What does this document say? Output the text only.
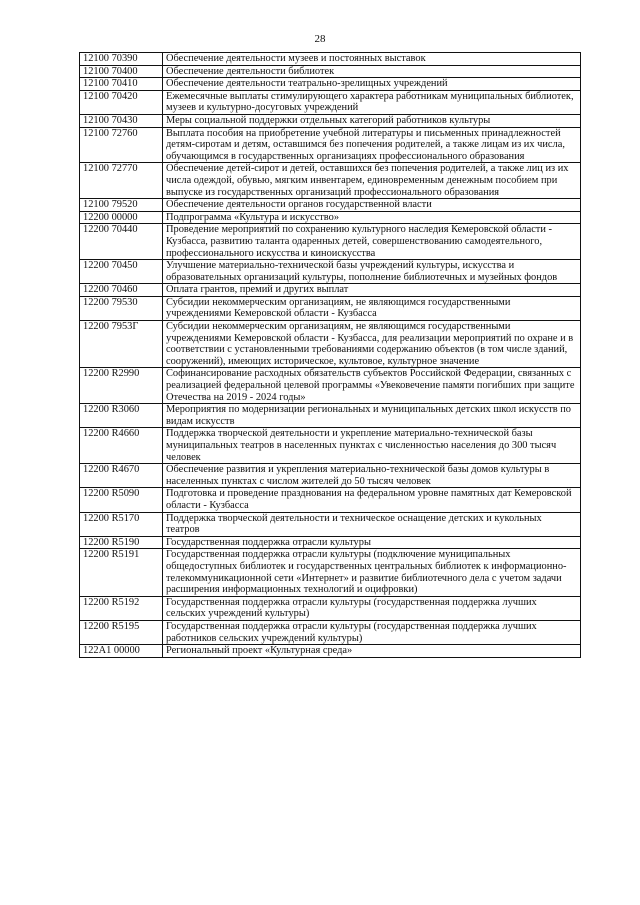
28
12100 70390	Обеспечение деятельности музеев и постоянных выставок
12100 70400	Обеспечение деятельности библиотек
12100 70410	Обеспечение деятельности театрально-зрелищных учреждений
12100 70420	Ежемесячные выплаты стимулирующего характера работникам муниципальных библиотек, музеев и культурно-досуговых учреждений
12100 70430	Меры социальной поддержки отдельных категорий работников культуры
12100 72760	Выплата пособия на приобретение учебной литературы и письменных принадлежностей детям-сиротам и детям, оставшимся без попечения родителей, а также лицам из их числа, обучающимся в государственных организациях профессионального образования
12100 72770	Обеспечение детей-сирот и детей, оставшихся без попечения родителей, а также лиц из их числа одеждой, обувью, мягким инвентарем, единовременным денежным пособием при выпуске из государственных организаций профессионального образования
12100 79520	Обеспечение деятельности органов государственной власти
12200 00000	Подпрограмма «Культура и искусство»
12200 70440	Проведение мероприятий по сохранению культурного наследия Кемеровской области - Кузбасса, развитию таланта одаренных детей, совершенствованию самодеятельного, профессионального искусства и киноискусства
12200 70450	Улучшение материально-технической базы учреждений культуры, искусства и образовательных организаций культуры, пополнение библиотечных и музейных фондов
12200 70460	Оплата грантов, премий и других выплат
12200 79530	Субсидии некоммерческим организациям, не являющимся государственными учреждениями Кемеровской области - Кузбасса
12200 7953Г	Субсидии некоммерческим организациям, не являющимся государственными учреждениями Кемеровской области - Кузбасса, для реализации мероприятий по охране и в соответствии с установленными требованиями содержанию объектов (в том числе зданий, сооружений), имеющих историческое, культовое, культурное значение
12200 R2990	Софинансирование расходных обязательств субъектов Российской Федерации, связанных с реализацией федеральной целевой программы «Увековечение памяти погибших при защите Отечества на 2019 - 2024 годы»
12200 R3060	Мероприятия по модернизации региональных и муниципальных детских школ искусств по видам искусств
12200 R4660	Поддержка творческой деятельности и укрепление материально-технической базы муниципальных театров в населенных пунктах с численностью населения до 300 тысяч человек
12200 R4670	Обеспечение развития и укрепления материально-технической базы домов культуры в населенных пунктах с числом жителей до 50 тысяч человек
12200 R5090	Подготовка и проведение празднования на федеральном уровне памятных дат Кемеровской области - Кузбасса
12200 R5170	Поддержка творческой деятельности и техническое оснащение детских и кукольных театров
12200 R5190	Государственная поддержка отрасли культуры
12200 R5191	Государственная поддержка отрасли культуры (подключение муниципальных общедоступных библиотек и государственных центральных библиотек к информационно-телекоммуникационной сети «Интернет» и развитие библиотечного дела с учетом задачи расширения информационных технологий и оцифровки)
12200 R5192	Государственная поддержка отрасли культуры (государственная поддержка лучших сельских учреждений культуры)
12200 R5195	Государственная поддержка отрасли культуры (государственная поддержка лучших работников сельских учреждений культуры)
122A1 00000	Региональный проект «Культурная среда»
